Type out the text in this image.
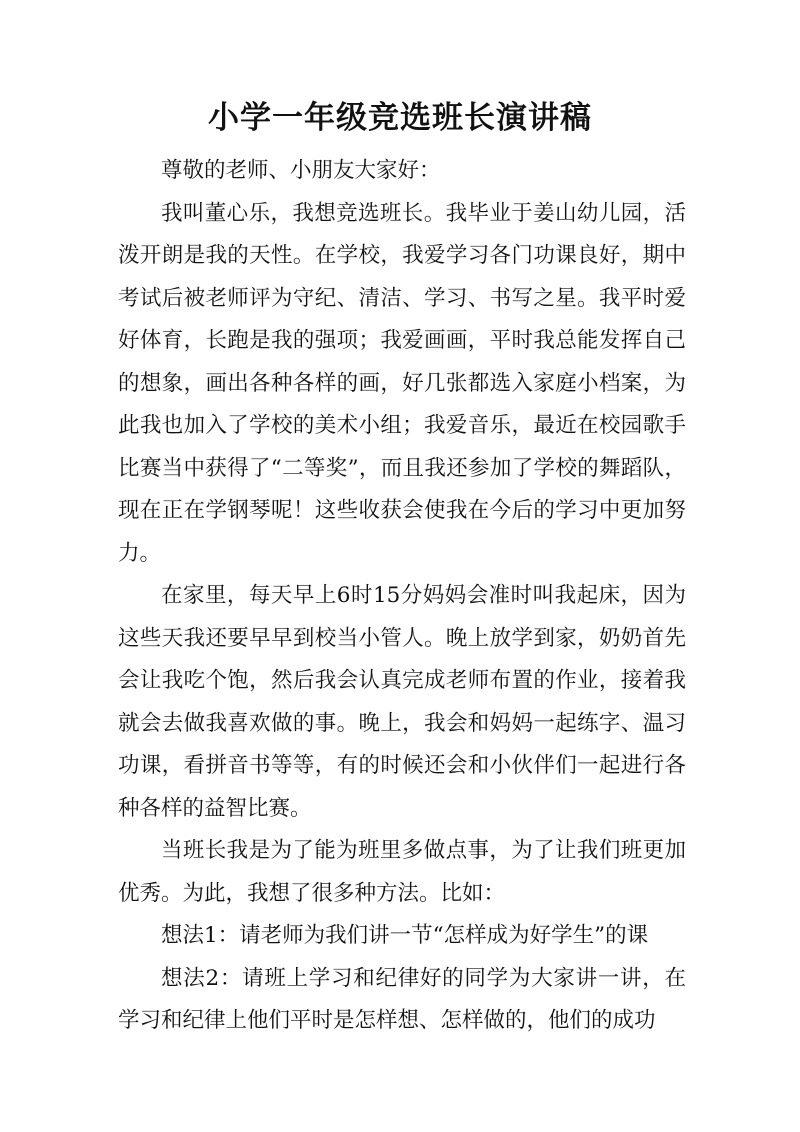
小学一年级竞选班长演讲稿

尊敬的老师、小朋友大家好：

我叫董心乐，我想竞选班长。我毕业于姜山幼儿园，活泼开朗是我的天性。在学校，我爱学习各门功课良好，期中考试后被老师评为守纪、清洁、学习、书写之星。我平时爱好体育，长跑是我的强项；我爱画画，平时我总能发挥自己的想象，画出各种各样的画，好几张都选入家庭小档案，为此我也加入了学校的美术小组；我爱音乐，最近在校园歌手比赛当中获得了“二等奖”，而且我还参加了学校的舞蹈队，现在正在学钢琴呢！这些收获会使我在今后的学习中更加努力。

在家里，每天早上6时15分妈妈会准时叫我起床，因为这些天我还要早早到校当小管人。晚上放学到家，奶奶首先会让我吃个饱，然后我会认真完成老师布置的作业，接着我就会去做我喜欢做的事。晚上，我会和妈妈一起练字、温习功课，看拼音书等等，有的时候还会和小伙伴们一起进行各种各样的益智比赛。

当班长我是为了能为班里多做点事，为了让我们班更加优秀。为此，我想了很多种方法。比如：

想法1：请老师为我们讲一节“怎样成为好学生”的课

想法2：请班上学习和纪律好的同学为大家讲一讲，在学习和纪律上他们平时是怎样想、怎样做的，他们的成功
